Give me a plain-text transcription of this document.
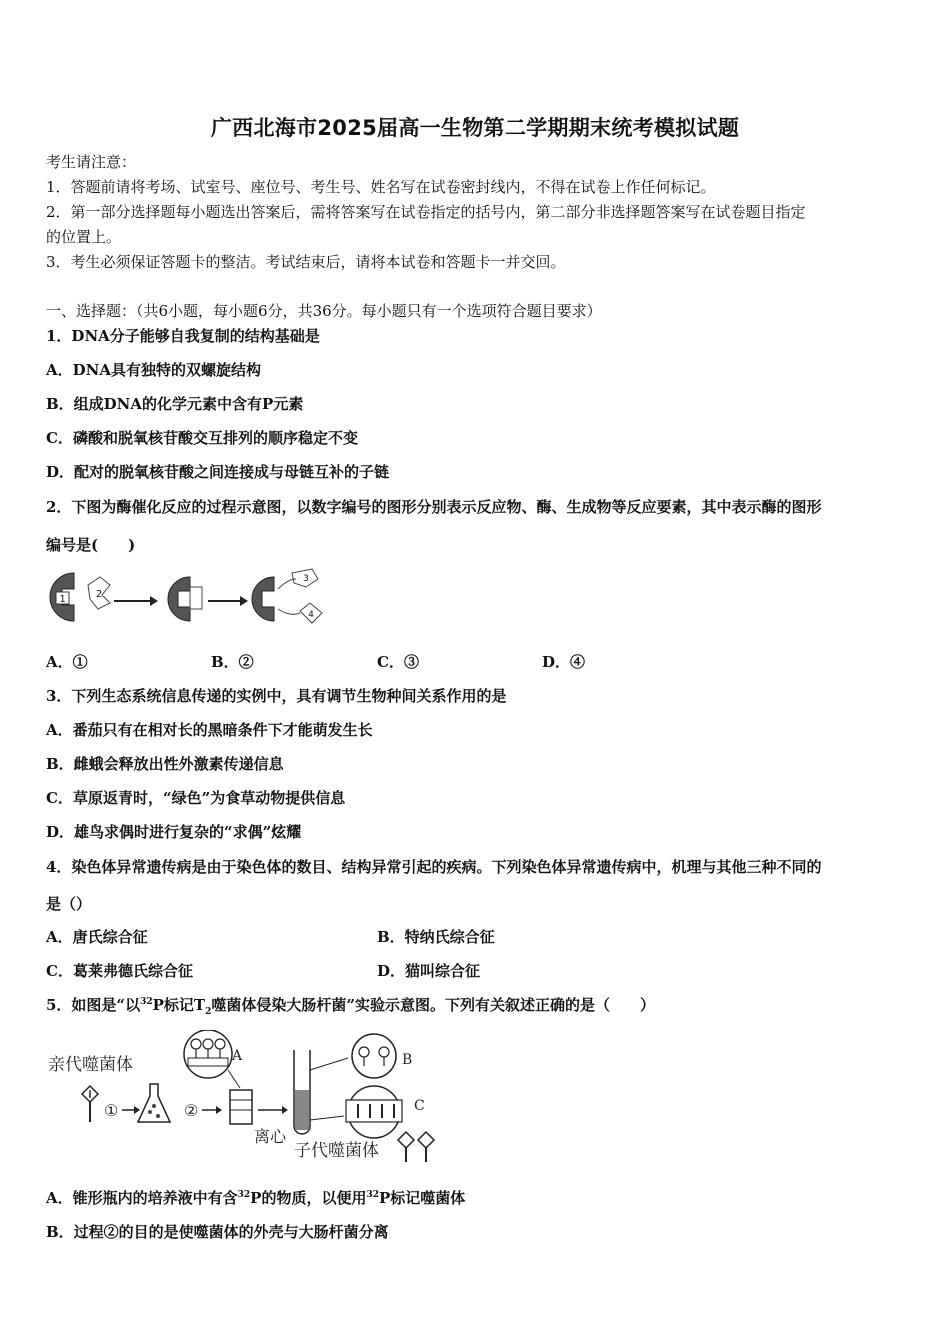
广西北海市2025届高一生物第二学期期末统考模拟试题
考生请注意：
1．答题前请将考场、试室号、座位号、考生号、姓名写在试卷密封线内，不得在试卷上作任何标记。
2．第一部分选择题每小题选出答案后，需将答案写在试卷指定的括号内，第二部分非选择题答案写在试卷题目指定
的位置上。
3．考生必须保证答题卡的整洁。考试结束后，请将本试卷和答题卡一并交回。
一、选择题：（共6小题，每小题6分，共36分。每小题只有一个选项符合题目要求）
1．DNA分子能够自我复制的结构基础是
A．DNA具有独特的双螺旋结构
B．组成DNA的化学元素中含有P元素
C．磷酸和脱氧核苷酸交互排列的顺序稳定不变
D．配对的脱氧核苷酸之间连接成与母链互补的子链
2．下图为酶催化反应的过程示意图，以数字编号的图形分别表示反应物、酶、生成物等反应要素，其中表示酶的图形
编号是(　　)
1	2
3
4
A．①	B．②	C．③	D．④
3．下列生态系统信息传递的实例中，具有调节生物种间关系作用的是
A．番茄只有在相对长的黑暗条件下才能萌发生长
B．雌蛾会释放出性外激素传递信息
C．草原返青时，“绿色”为食草动物提供信息
D．雄鸟求偶时进行复杂的“求偶”炫耀
4．染色体异常遗传病是由于染色体的数目、结构异常引起的疾病。下列染色体异常遗传病中，机理与其他三种不同的
是（）
A．唐氏综合征	B．特纳氏综合征
C．葛莱弗德氏综合征	D．猫叫综合征
5．如图是“以$^{32}$P标记$T_2$噬菌体侵染大肠杆菌”实验示意图。下列有关叙述正确的是（　　）
亲代噬菌体
①	②
A
离心
B
C
子代噬菌体
A．锥形瓶内的培养液中有含$^{32}$P的物质，以便用$^{32}$P标记噬菌体
B．过程②的目的是使噬菌体的外壳与大肠杆菌分离
